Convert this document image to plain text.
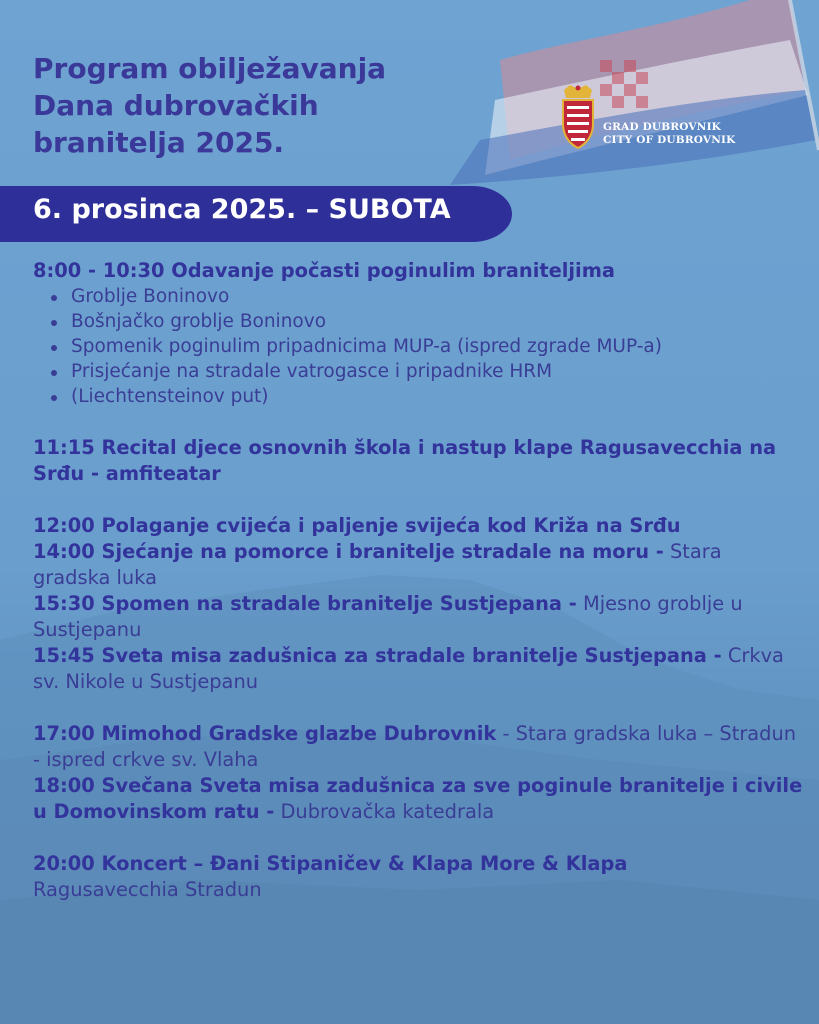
Program obilježavanja
Dana dubrovačkih
branitelja 2025.	GRAD DUBROVNIK
CITY OF DUBROVNIK
6. prosinca 2025. – SUBOTA

8:00 - 10:30 Odavanje počasti poginulim braniteljima

Groblje Boninovo
Bošnjačko groblje Boninovo
Spomenik poginulim pripadnicima MUP-a (ispred zgrade MUP-a)
Prisjećanje na stradale vatrogasce i pripadnike HRM
(Liechtensteinov put)

11:15 Recital djece osnovnih škola i nastup klape Ragusavecchia na Srđu - amfiteatar

12:00 Polaganje cvijeća i paljenje svijeća kod Križa na Srđu

14:00 Sjećanje na pomorce i branitelje stradale na moru - Stara gradska luka

15:30 Spomen na stradale branitelje Sustjepana - Mjesno groblje u Sustjepanu

15:45 Sveta misa zadušnica za stradale branitelje Sustjepana - Crkva sv. Nikole u Sustjepanu

17:00 Mimohod Gradske glazbe Dubrovnik - Stara gradska luka – Stradun - ispred crkve sv. Vlaha

18:00 Svečana Sveta misa zadušnica za sve poginule branitelje i civile u Domovinskom ratu - Dubrovačka katedrala

20:00 Koncert – Đani Stipaničev & Klapa More & Klapa
Ragusavecchia Stradun
